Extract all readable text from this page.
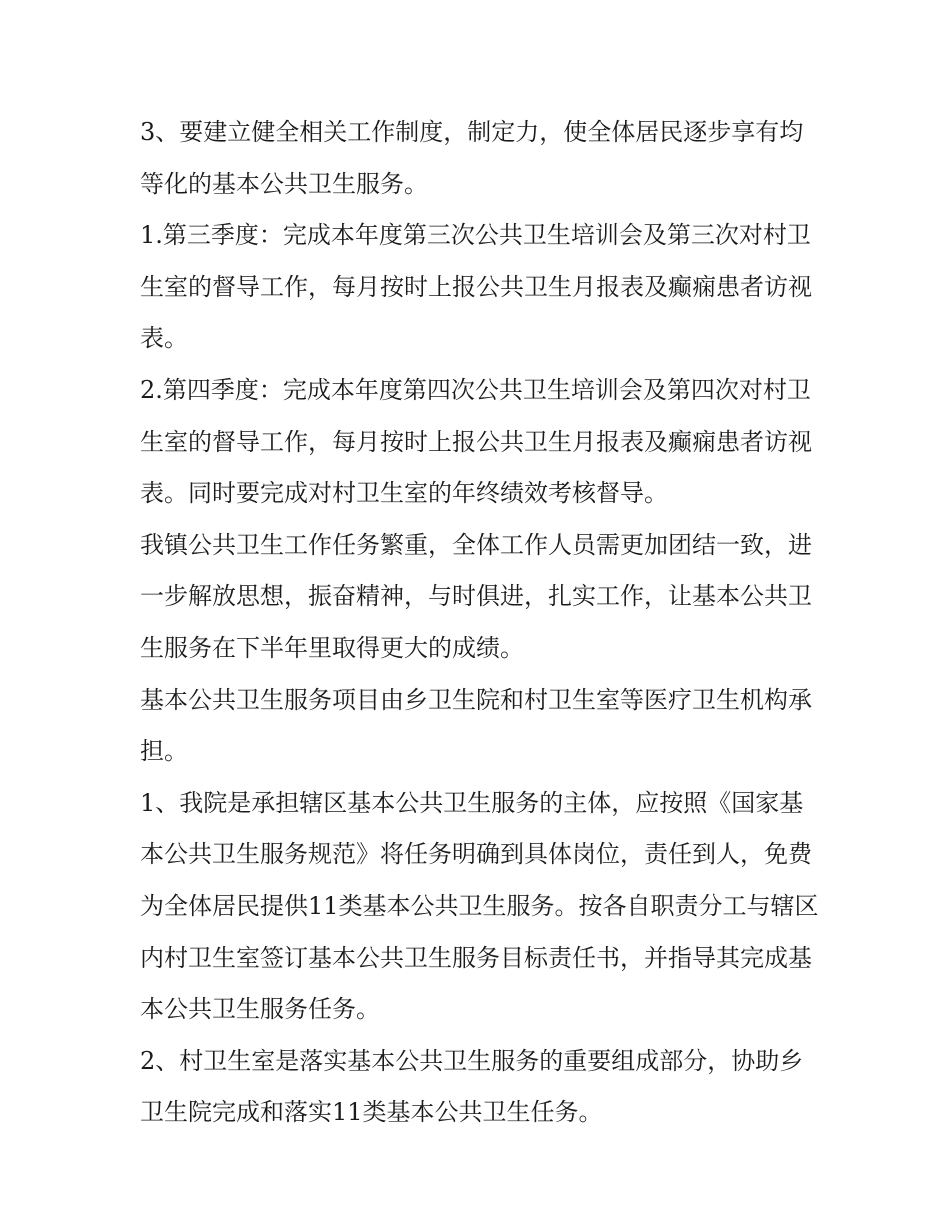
3、要建立健全相关工作制度，制定力，使全体居民逐步享有均等化的基本公共卫生服务。

1.第三季度：完成本年度第三次公共卫生培训会及第三次对村卫生室的督导工作，每月按时上报公共卫生月报表及癫痫患者访视表。

2.第四季度：完成本年度第四次公共卫生培训会及第四次对村卫生室的督导工作，每月按时上报公共卫生月报表及癫痫患者访视表。同时要完成对村卫生室的年终绩效考核督导。

我镇公共卫生工作任务繁重，全体工作人员需更加团结一致，进一步解放思想，振奋精神，与时俱进，扎实工作，让基本公共卫生服务在下半年里取得更大的成绩。

基本公共卫生服务项目由乡卫生院和村卫生室等医疗卫生机构承担。

1、我院是承担辖区基本公共卫生服务的主体，应按照《国家基本公共卫生服务规范》将任务明确到具体岗位，责任到人，免费为全体居民提供11类基本公共卫生服务。按各自职责分工与辖区内村卫生室签订基本公共卫生服务目标责任书，并指导其完成基本公共卫生服务任务。

2、村卫生室是落实基本公共卫生服务的重要组成部分，协助乡卫生院完成和落实11类基本公共卫生任务。
